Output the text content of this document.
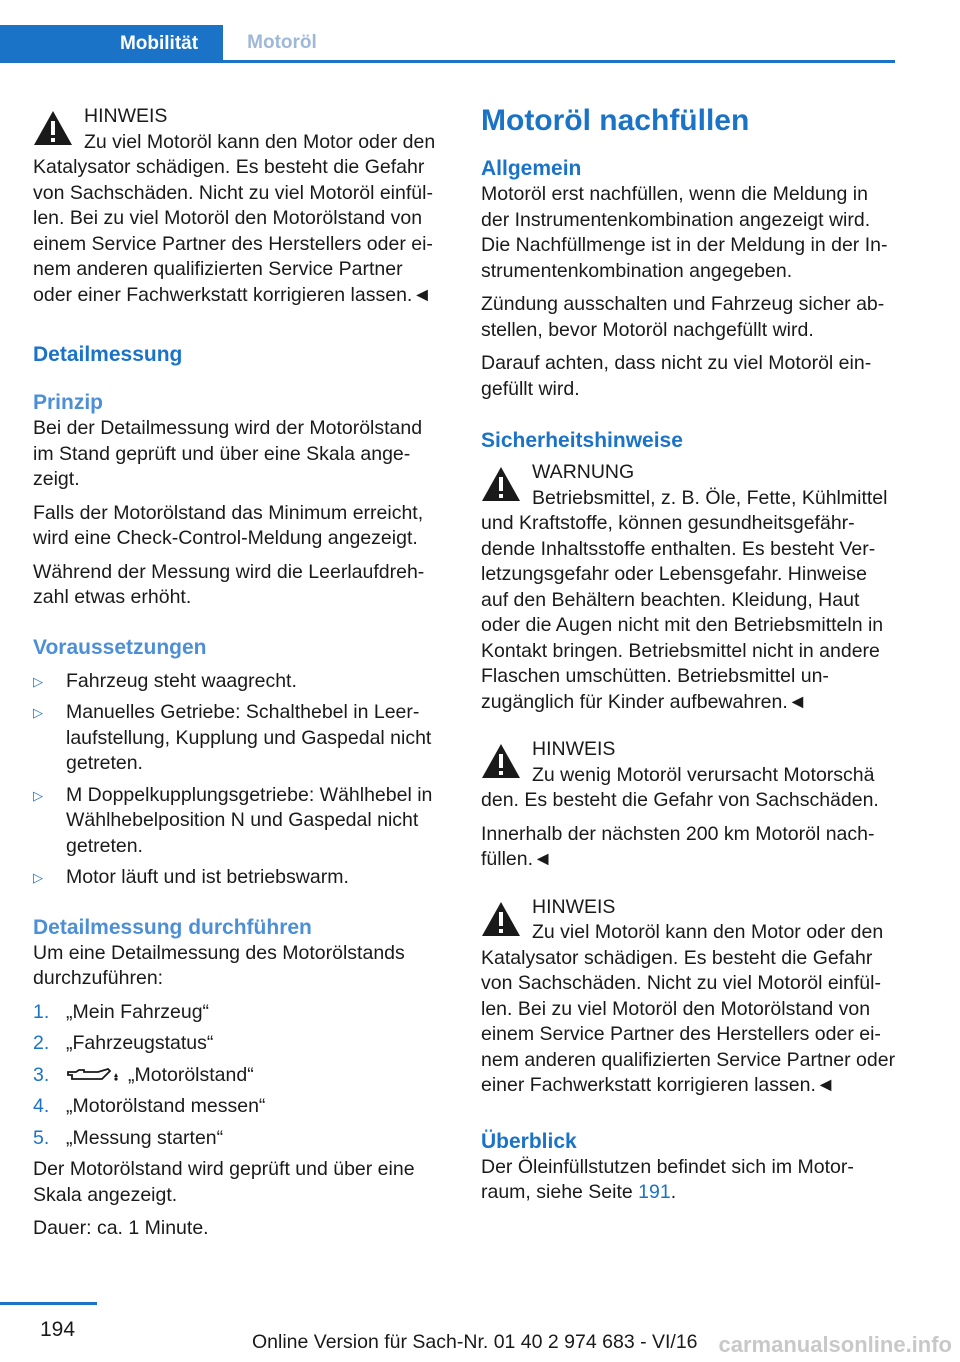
Mobilität	Motoröl
HINWEIS
Zu viel Motoröl kann den Motor oder den

Katalysator schädigen. Es besteht die Gefahr von Sachschäden. Nicht zu viel Motoröl einfüllen. Bei zu viel Motoröl den Motorölstand von einem Service Partner des Herstellers oder einem anderen qualifizierten Service Partner oder einer Fachwerkstatt korrigieren lassen.◄

Detailmessung
Prinzip

Bei der Detailmessung wird der Motorölstand im Stand geprüft und über eine Skala angezeigt.

Falls der Motorölstand das Minimum erreicht, wird eine Check-Control-Meldung angezeigt.

Während der Messung wird die Leerlaufdrehzahl etwas erhöht.

Voraussetzungen
▷ Fahrzeug steht waagrecht.
▷ Manuelles Getriebe: Schalthebel in Leerlaufstellung, Kupplung und Gaspedal nicht getreten.
▷ M Doppelkupplungsgetriebe: Wählhebel in Wählhebelposition N und Gaspedal nicht getreten.
▷ Motor läuft und ist betriebswarm.
Detailmessung durchführen

Um eine Detailmessung des Motorölstands durchzuführen:

1. „Mein Fahrzeug“
2. „Fahrzeugstatus“
3.	„Motorölstand“
4. „Motorölstand messen“
5. „Messung starten“

Der Motorölstand wird geprüft und über eine Skala angezeigt.

Dauer: ca. 1 Minute.

Motoröl nachfüllen
Allgemein

Motoröl erst nachfüllen, wenn die Meldung in der Instrumentenkombination angezeigt wird. Die Nachfüllmenge ist in der Meldung in der Instrumentenkombination angegeben.

Zündung ausschalten und Fahrzeug sicher abstellen, bevor Motoröl nachgefüllt wird.

Darauf achten, dass nicht zu viel Motoröl eingefüllt wird.

Sicherheitshinweise
WARNUNG
Betriebsmittel, z. B. Öle, Fette, Kühlmittel

und Kraftstoffe, können gesundheitsgefährdende Inhaltsstoffe enthalten. Es besteht Verletzungsgefahr oder Lebensgefahr. Hinweise auf den Behältern beachten. Kleidung, Haut oder die Augen nicht mit den Betriebsmitteln in Kontakt bringen. Betriebsmittel nicht in andere Flaschen umschütten. Betriebsmittel unzugänglich für Kinder aufbewahren.◄

HINWEIS
Zu wenig Motoröl verursacht Motorschä

den. Es besteht die Gefahr von Sachschäden.

Innerhalb der nächsten 200 km Motoröl nachfüllen.◄

HINWEIS
Zu viel Motoröl kann den Motor oder den

Katalysator schädigen. Es besteht die Gefahr von Sachschäden. Nicht zu viel Motoröl einfüllen. Bei zu viel Motoröl den Motorölstand von einem Service Partner des Herstellers oder einem anderen qualifizierten Service Partner oder einer Fachwerkstatt korrigieren lassen.◄

Überblick

Der Öleinfüllstutzen befindet sich im Motorraum, siehe Seite 191.

194
Online Version für Sach-Nr. 01 40 2 974 683 - VI/16 carmanualsonline.info
